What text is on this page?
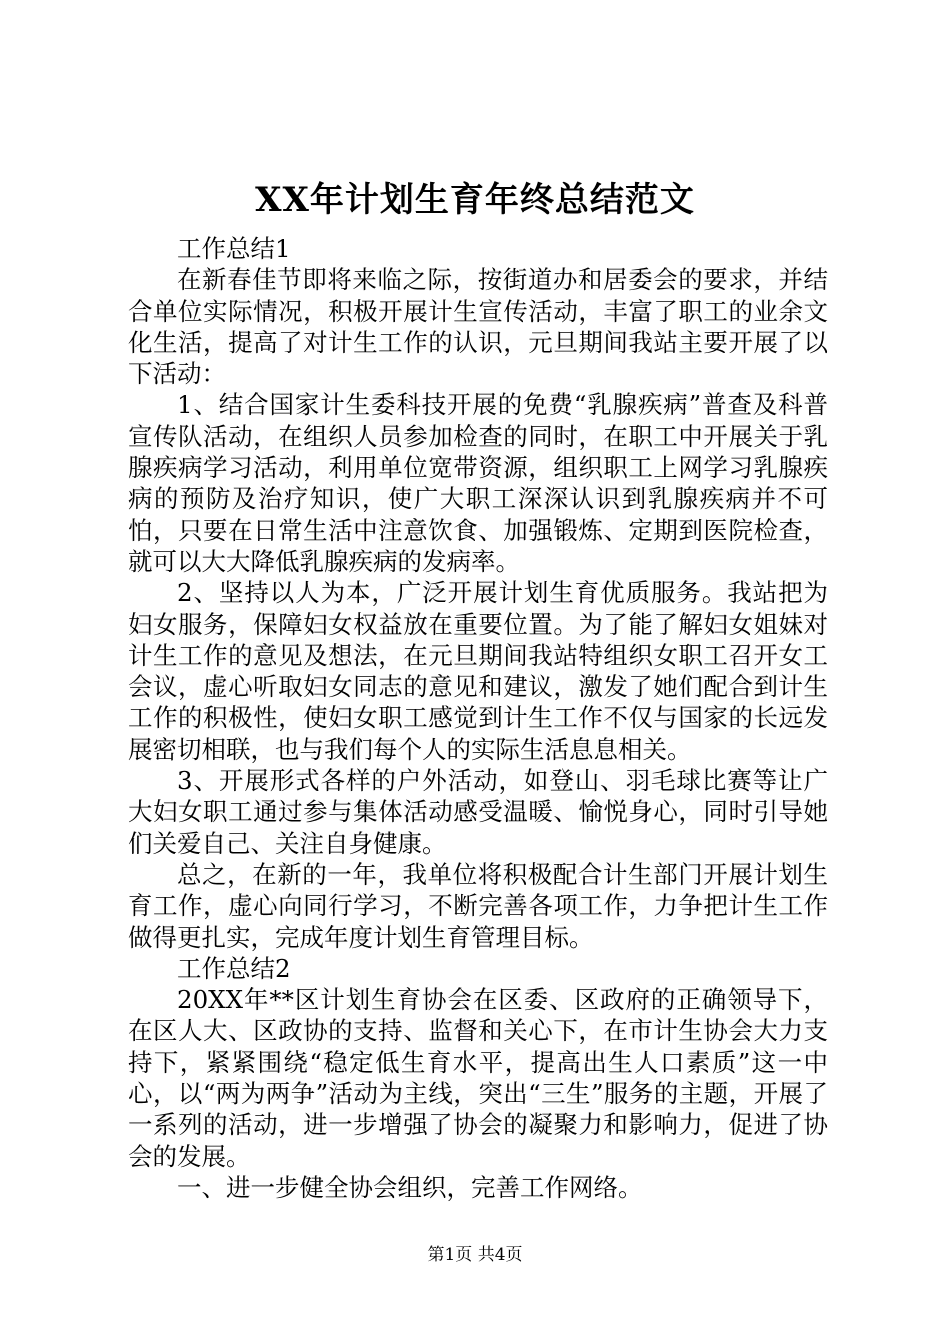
XX年计划生育年终总结范文

工作总结1

在新春佳节即将来临之际，按街道办和居委会的要求，并结合单位实际情况，积极开展计生宣传活动，丰富了职工的业余文化生活，提高了对计生工作的认识，元旦期间我站主要开展了以下活动：

1、结合国家计生委科技开展的免费“乳腺疾病”普查及科普宣传队活动，在组织人员参加检查的同时，在职工中开展关于乳腺疾病学习活动，利用单位宽带资源，组织职工上网学习乳腺疾病的预防及治疗知识，使广大职工深深认识到乳腺疾病并不可怕，只要在日常生活中注意饮食、加强锻炼、定期到医院检查，就可以大大降低乳腺疾病的发病率。

2、坚持以人为本，广泛开展计划生育优质服务。我站把为妇女服务，保障妇女权益放在重要位置。为了能了解妇女姐妹对计生工作的意见及想法，在元旦期间我站特组织女职工召开女工会议，虚心听取妇女同志的意见和建议，激发了她们配合到计生工作的积极性，使妇女职工感觉到计生工作不仅与国家的长远发展密切相联，也与我们每个人的实际生活息息相关。

3、开展形式各样的户外活动，如登山、羽毛球比赛等让广大妇女职工通过参与集体活动感受温暖、愉悦身心，同时引导她们关爱自己、关注自身健康。

总之，在新的一年，我单位将积极配合计生部门开展计划生育工作，虚心向同行学习，不断完善各项工作，力争把计生工作做得更扎实，完成年度计划生育管理目标。

工作总结2

20XX年**区计划生育协会在区委、区政府的正确领导下，在区人大、区政协的支持、监督和关心下，在市计生协会大力支持下，紧紧围绕“稳定低生育水平，提高出生人口素质”这一中心，以“两为两争”活动为主线，突出“三生”服务的主题，开展了一系列的活动，进一步增强了协会的凝聚力和影响力，促进了协会的发展。

一、进一步健全协会组织，完善工作网络。

第1页 共4页
